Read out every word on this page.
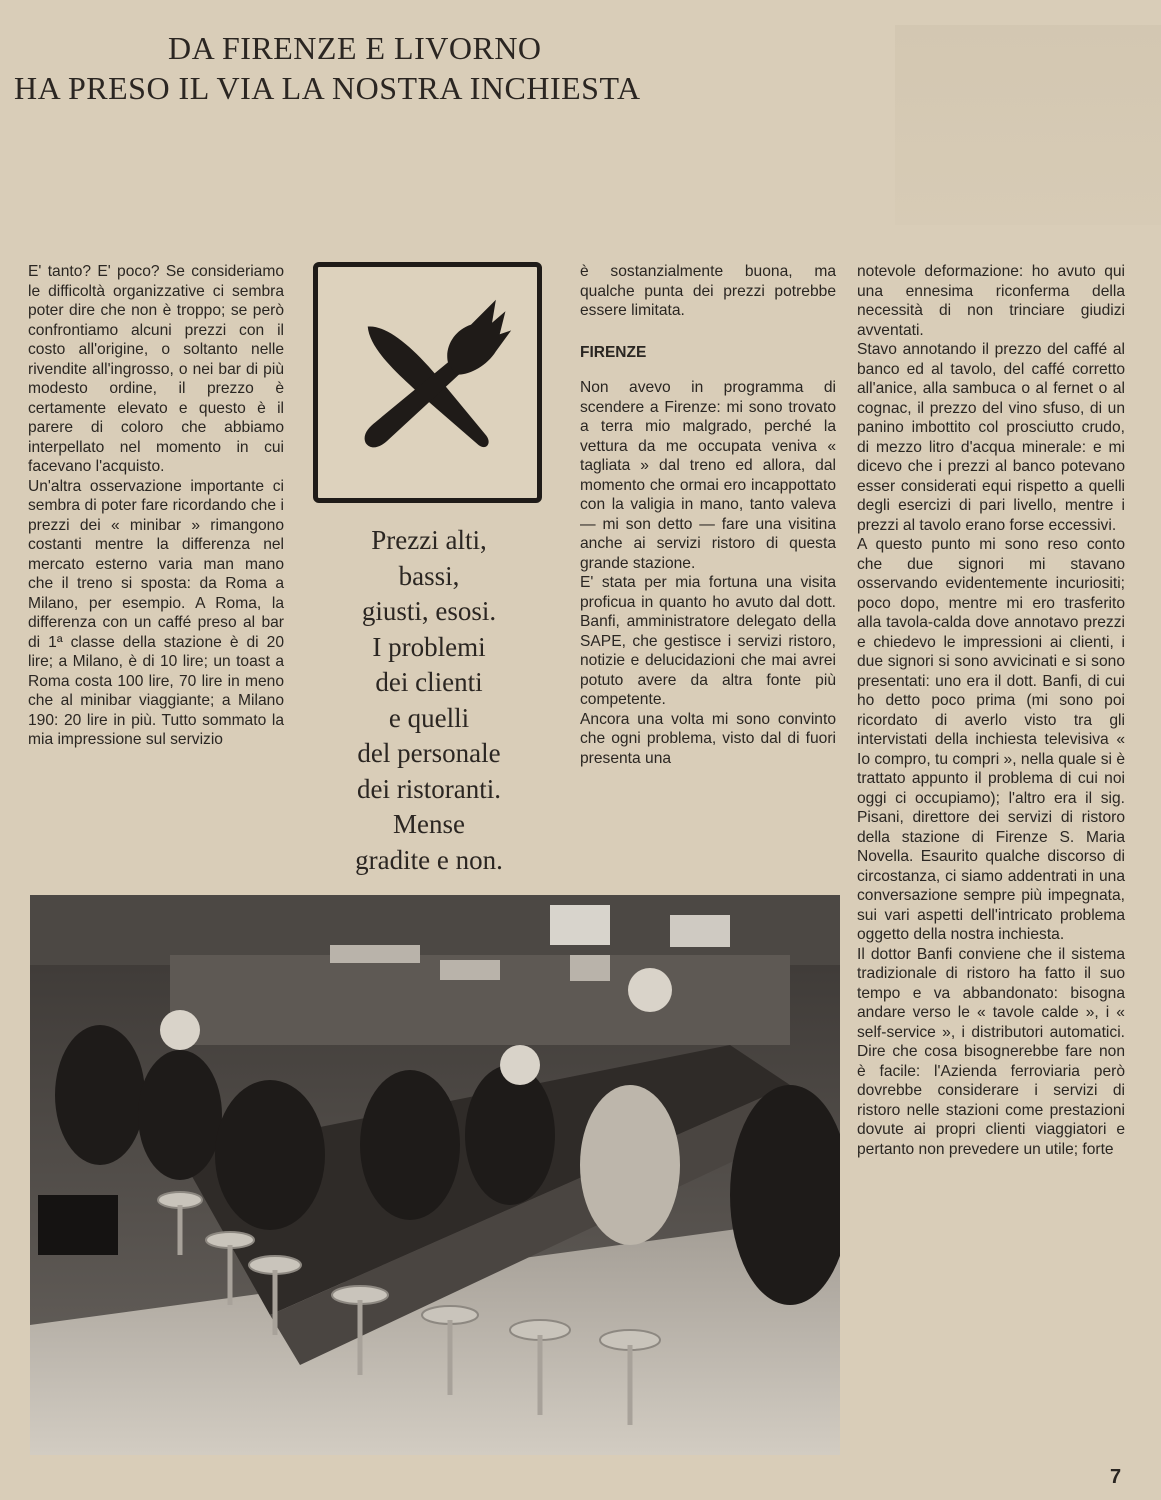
DA FIRENZE E LIVORNO
HA PRESO IL VIA LA NOSTRA INCHIESTA

E' tanto? E' poco? Se consideriamo le difficoltà organizzative ci sembra poter dire che non è troppo; se però confrontiamo alcuni prezzi con il costo all'origine, o soltanto nelle rivendite all'ingrosso, o nei bar di più modesto ordine, il prezzo è certamente elevato e questo è il parere di coloro che abbiamo interpellato nel momento in cui facevano l'acquisto.

Un'altra osservazione importante ci sembra di poter fare ricordando che i prezzi dei « minibar » rimangono costanti mentre la differenza nel mercato esterno varia man mano che il treno si sposta: da Roma a Milano, per esempio. A Roma, la differenza con un caffé preso al bar di 1ª classe della stazione è di 20 lire; a Milano, è di 10 lire; un toast a Roma costa 100 lire, 70 lire in meno che al minibar viaggiante; a Milano 190: 20 lire in più. Tutto sommato la mia impressione sul servizio

Prezzi alti,
bassi,
giusti, esosi.
I problemi
dei clienti
e quelli
del personale
dei ristoranti.
Mense
gradite e non.

è sostanzialmente buona, ma qualche punta dei prezzi potrebbe essere limitata.

FIRENZE

Non avevo in programma di scendere a Firenze: mi sono trovato a terra mio malgrado, perché la vettura da me occupata veniva « tagliata » dal treno ed allora, dal momento che ormai ero incappottato con la valigia in mano, tanto valeva — mi son detto — fare una visitina anche ai servizi ristoro di questa grande stazione.

E' stata per mia fortuna una visita proficua in quanto ho avuto dal dott. Banfi, amministratore delegato della SAPE, che gestisce i servizi ristoro, notizie e delucidazioni che mai avrei potuto avere da altra fonte più competente.

Ancora una volta mi sono convinto che ogni problema, visto dal di fuori presenta una

notevole deformazione: ho avuto qui una ennesima riconferma della necessità di non trinciare giudizi avventati.

Stavo annotando il prezzo del caffé al banco ed al tavolo, del caffé corretto all'anice, alla sambuca o al fernet o al cognac, il prezzo del vino sfuso, di un panino imbottito col prosciutto crudo, di mezzo litro d'acqua minerale: e mi dicevo che i prezzi al banco potevano esser considerati equi rispetto a quelli degli esercizi di pari livello, mentre i prezzi al tavolo erano forse eccessivi.

A questo punto mi sono reso conto che due signori mi stavano osservando evidentemente incuriositi; poco dopo, mentre mi ero trasferito alla tavola-calda dove annotavo prezzi e chiedevo le impressioni ai clienti, i due signori si sono avvicinati e si sono presentati: uno era il dott. Banfi, di cui ho detto poco prima (mi sono poi ricordato di averlo visto tra gli intervistati della inchiesta televisiva « Io compro, tu compri », nella quale si è trattato appunto il problema di cui noi oggi ci occupiamo); l'altro era il sig. Pisani, direttore dei servizi di ristoro della stazione di Firenze S. Maria Novella. Esaurito qualche discorso di circostanza, ci siamo addentrati in una conversazione sempre più impegnata, sui vari aspetti dell'intricato problema oggetto della nostra inchiesta.

Il dottor Banfi conviene che il sistema tradizionale di ristoro ha fatto il suo tempo e va abbandonato: bisogna andare verso le « tavole calde », i « self-service », i distributori automatici. Dire che cosa bisognerebbe fare non è facile: l'Azienda ferroviaria però dovrebbe considerare i servizi di ristoro nelle stazioni come prestazioni dovute ai propri clienti viaggiatori e pertanto non prevedere un utile; forte

7
